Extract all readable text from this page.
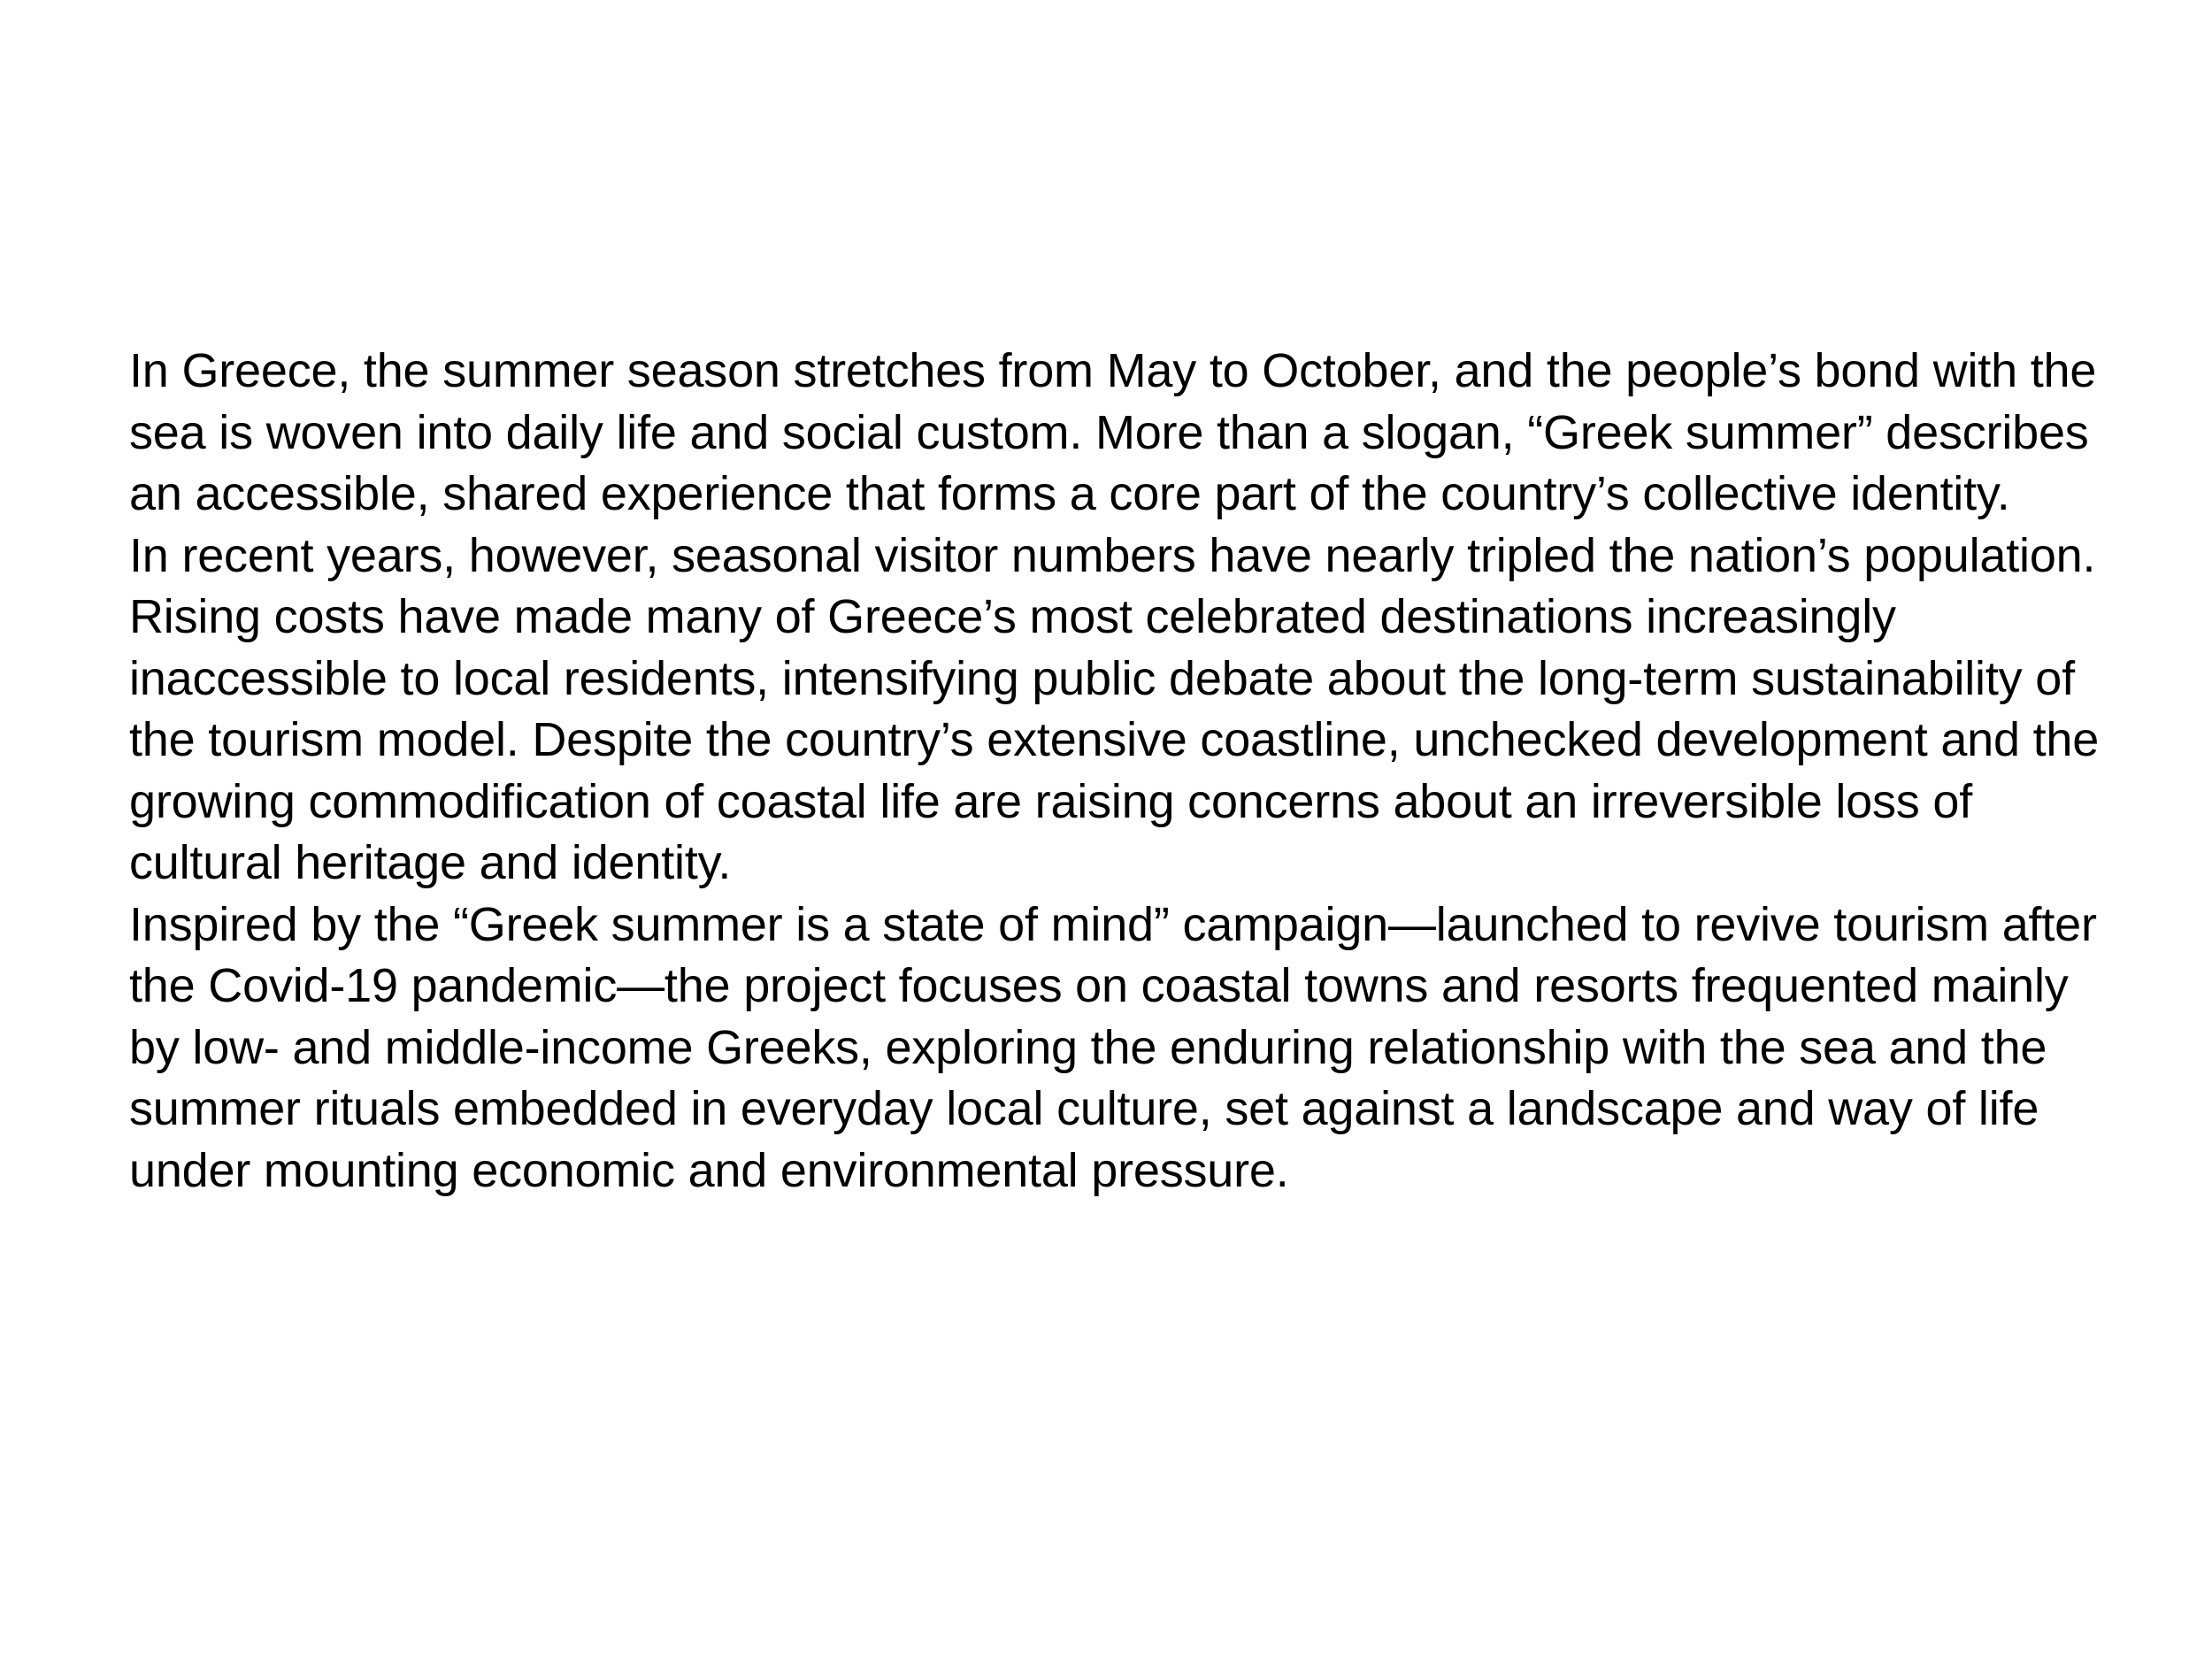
In Greece, the summer season stretches from May to October, and the people’s bond with the sea is woven into daily life and social custom. More than a slogan, “Greek summer” describes an accessible, shared experience that forms a core part of the country’s collective identity.

In recent years, however, seasonal visitor numbers have nearly tripled the nation’s population. Rising costs have made many of Greece’s most celebrated destinations increasingly inaccessible to local residents, intensifying public debate about the long-term sustainability of the tourism model. Despite the country’s extensive coastline, unchecked development and the growing commodification of coastal life are raising concerns about an irreversible loss of cultural heritage and identity.

Inspired by the “Greek summer is a state of mind” campaign—launched to revive tourism after the Covid-19 pandemic—the project focuses on coastal towns and resorts frequented mainly by low- and middle-income Greeks, exploring the enduring relationship with the sea and the summer rituals embedded in everyday local culture, set against a landscape and way of life under mounting economic and environmental pressure.
